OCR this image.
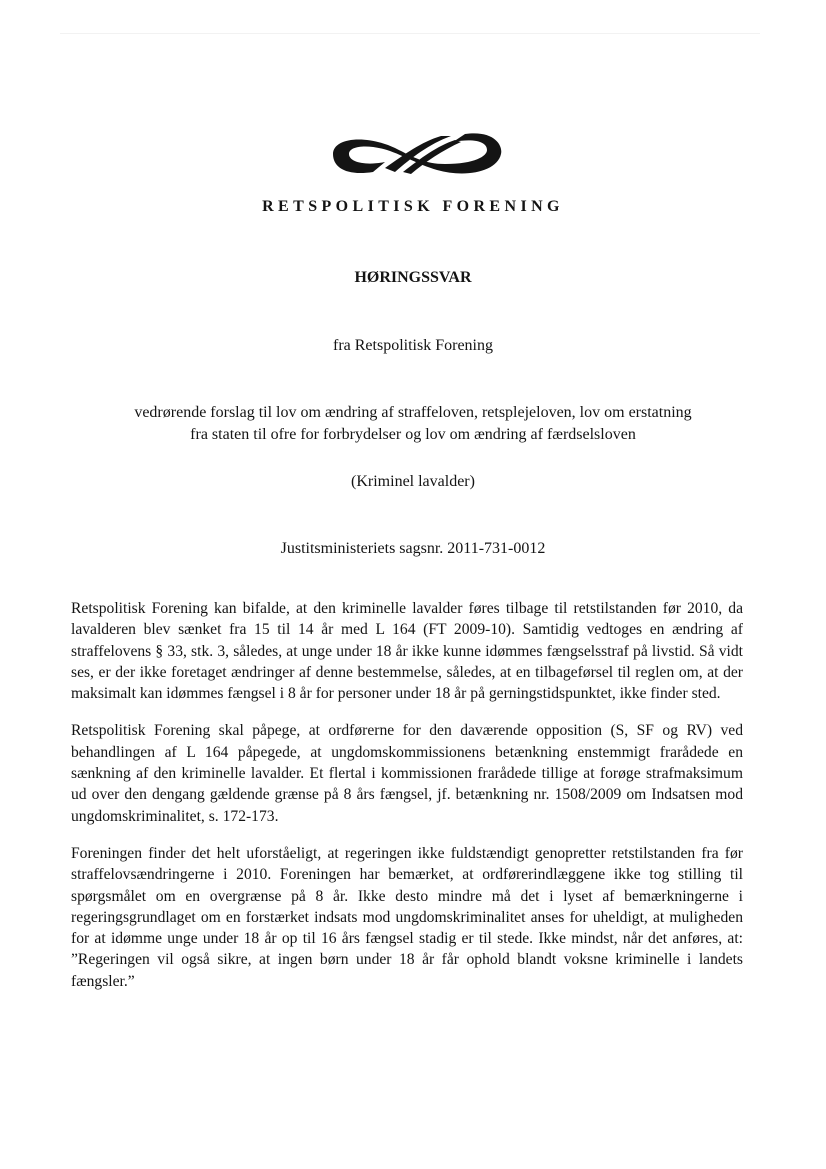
RETSPOLITISK FORENING
HØRINGSSVAR
fra Retspolitisk Forening
vedrørende forslag til lov om ændring af straffeloven, retsplejeloven, lov om erstatning
fra staten til ofre for forbrydelser og lov om ændring af færdselsloven
(Kriminel lavalder)
Justitsministeriets sagsnr. 2011-731-0012

Retspolitisk Forening kan bifalde, at den kriminelle lavalder føres tilbage til retstilstanden før 2010, da lavalderen blev sænket fra 15 til 14 år med L 164 (FT 2009-10). Samtidig vedtoges en ændring af straffelovens § 33, stk. 3, således, at unge under 18 år ikke kunne idømmes fængselsstraf på livstid. Så vidt ses, er der ikke foretaget ændringer af denne bestemmelse, således, at en tilbageførsel til reglen om, at der maksimalt kan idømmes fængsel i 8 år for personer under 18 år på gerningstidspunktet, ikke finder sted.

Retspolitisk Forening skal påpege, at ordførerne for den daværende opposition (S, SF og RV) ved behandlingen af L 164 påpegede, at ungdomskommissionens betænkning enstemmigt frarådede en sænkning af den kriminelle lavalder. Et flertal i kommissionen frarådede tillige at forøge strafmaksimum ud over den dengang gældende grænse på 8 års fængsel, jf. betænkning nr. 1508/2009 om Indsatsen mod ungdomskriminalitet, s. 172-173.

Foreningen finder det helt uforståeligt, at regeringen ikke fuldstændigt genopretter retstilstanden fra før straffelovsændringerne i 2010. Foreningen har bemærket, at ordførerindlæggene ikke tog stilling til spørgsmålet om en overgrænse på 8 år. Ikke desto mindre må det i lyset af bemærkningerne i regeringsgrundlaget om en forstærket indsats mod ungdomskriminalitet anses for uheldigt, at muligheden for at idømme unge under 18 år op til 16 års fængsel stadig er til stede. Ikke mindst, når det anføres, at: ”Regeringen vil også sikre, at ingen børn under 18 år får ophold blandt voksne kriminelle i landets fængsler.”
